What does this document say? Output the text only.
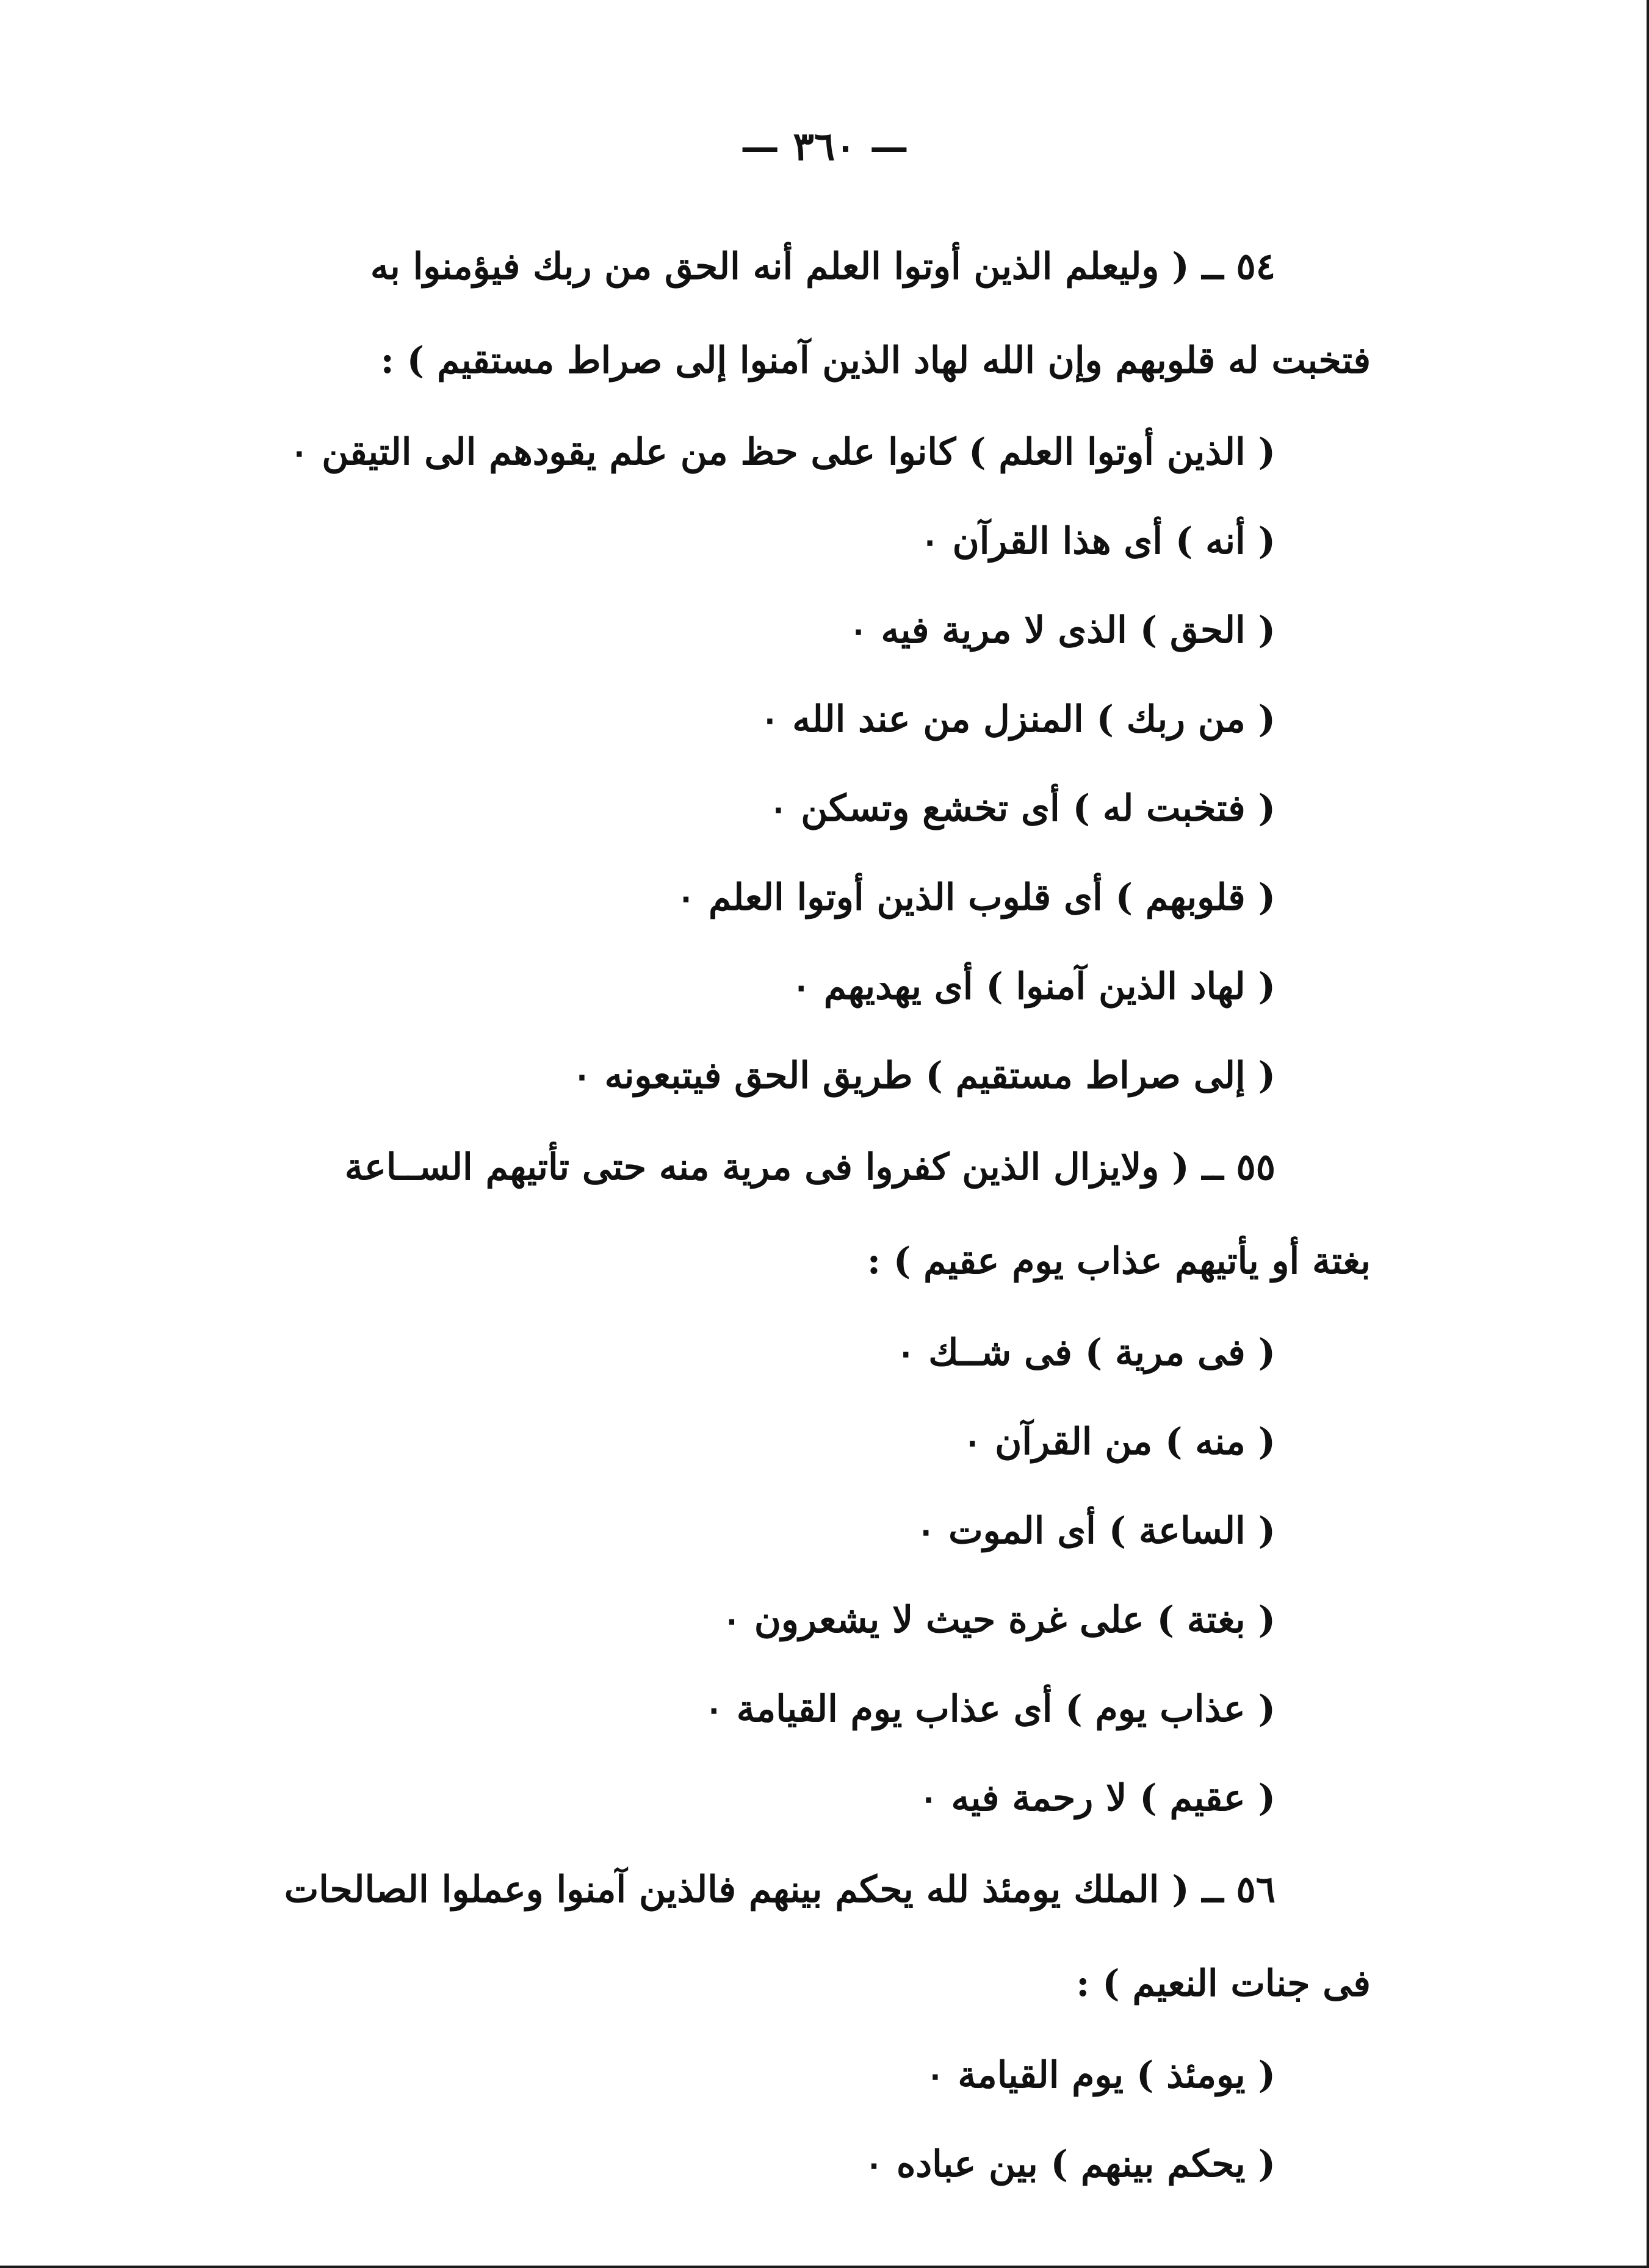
— ٣٦٠ —

٥٤ ــ ( وليعلم الذين أوتوا العلم أنه الحق من ربك فيؤمنوا به
فتخبت له قلوبهم وإن الله لهاد الذين آمنوا إلى صراط مستقيم ) :

( الذين أوتوا العلم ) كانوا على حظ من علم يقودهم الى التيقن ٠

( أنه ) أى هذا القرآن ٠

( الحق ) الذى لا مرية فيه ٠

( من ربك ) المنزل من عند الله ٠

( فتخبت له ) أى تخشع وتسكن ٠

( قلوبهم ) أى قلوب الذين أوتوا العلم ٠

( لهاد الذين آمنوا ) أى يهديهم ٠

( إلى صراط مستقيم ) طريق الحق فيتبعونه ٠

٥٥ ــ ( ولايزال الذين كفروا فى مرية منه حتى تأتيهم الســاعة
بغتة أو يأتيهم عذاب يوم عقيم ) :

( فى مرية ) فى شــك ٠

( منه ) من القرآن ٠

( الساعة ) أى الموت ٠

( بغتة ) على غرة حيث لا يشعرون ٠

( عذاب يوم ) أى عذاب يوم القيامة ٠

( عقيم ) لا رحمة فيه ٠

٥٦ ــ ( الملك يومئذ لله يحكم بينهم فالذين آمنوا وعملوا الصالحات
فى جنات النعيم ) :

( يومئذ ) يوم القيامة ٠

( يحكم بينهم ) بين عباده ٠
